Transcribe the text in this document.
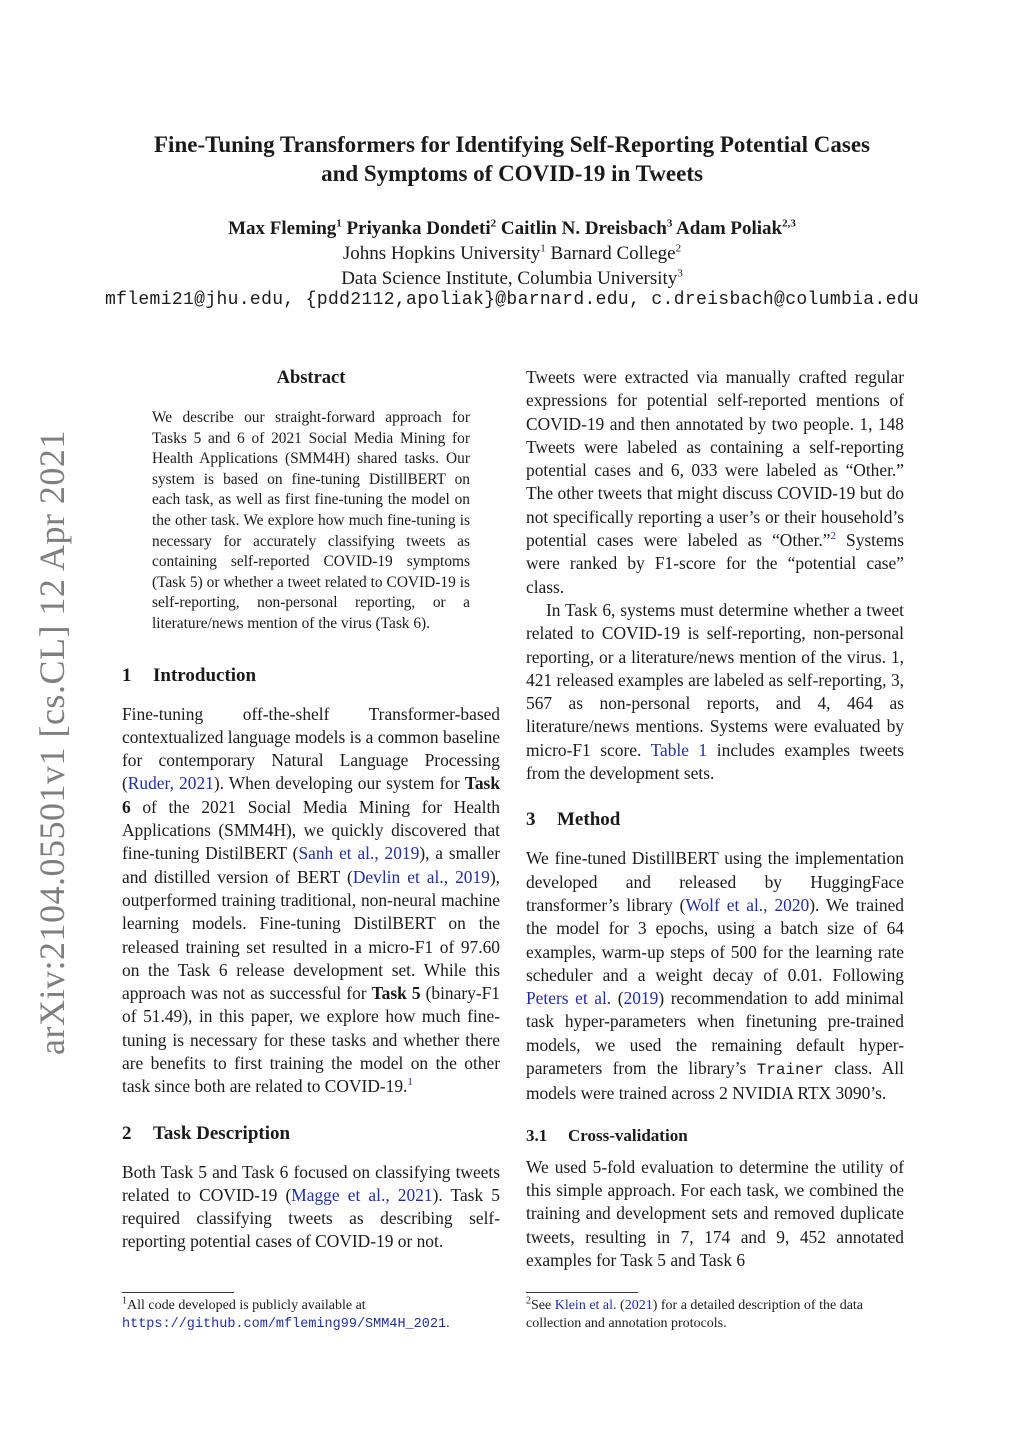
Fine-Tuning Transformers for Identifying Self-Reporting Potential Cases
and Symptoms of COVID-19 in Tweets
Max Fleming$^1$ Priyanka Dondeti$^2$ Caitlin N. Dreisbach$^3$ Adam Poliak$^{2,3}$
Johns Hopkins University$^1$ Barnard College$^2$
Data Science Institute, Columbia University$^3$
mflemi21@jhu.edu, {pdd2112,apoliak}@barnard.edu, c.dreisbach@columbia.edu
arXiv:2104.05501v1 [cs.CL] 12 Apr 2021
Abstract

We describe our straight-forward approach for Tasks 5 and 6 of 2021 Social Media Mining for Health Applications (SMM4H) shared tasks. Our system is based on fine-tuning DistillBERT on each task, as well as first fine-tuning the model on the other task. We explore how much fine-tuning is necessary for accurately classifying tweets as containing self-reported COVID-19 symptoms (Task 5) or whether a tweet related to COVID-19 is self-reporting, non-personal reporting, or a literature/news mention of the virus (Task 6).

1 Introduction

Fine-tuning off-the-shelf Transformer-based contextualized language models is a common baseline for contemporary Natural Language Processing (Ruder, 2021). When developing our system for Task 6 of the 2021 Social Media Mining for Health Applications (SMM4H), we quickly discovered that fine-tuning DistilBERT (Sanh et al., 2019), a smaller and distilled version of BERT (Devlin et al., 2019), outperformed training traditional, non-neural machine learning models. Fine-tuning DistilBERT on the released training set resulted in a micro-F1 of 97.60 on the Task 6 release development set. While this approach was not as successful for Task 5 (binary-F1 of 51.49), in this paper, we explore how much fine-tuning is necessary for these tasks and whether there are benefits to first training the model on the other task since both are related to COVID-19.$^1$

2 Task Description

Both Task 5 and Task 6 focused on classifying tweets related to COVID-19 (Magge et al., 2021). Task 5 required classifying tweets as describing self-reporting potential cases of COVID-19 or not.

$^1$All code developed is publicly available at https://github.com/mfleming99/SMM4H_2021.

Tweets were extracted via manually crafted regular expressions for potential self-reported mentions of COVID-19 and then annotated by two people. 1, 148 Tweets were labeled as containing a self-reporting potential cases and 6, 033 were labeled as “Other.” The other tweets that might discuss COVID-19 but do not specifically reporting a user’s or their household’s potential cases were labeled as “Other.”$^2$ Systems were ranked by F1-score for the “potential case” class.

In Task 6, systems must determine whether a tweet related to COVID-19 is self-reporting, non-personal reporting, or a literature/news mention of the virus. 1, 421 released examples are labeled as self-reporting, 3, 567 as non-personal reports, and 4, 464 as literature/news mentions. Systems were evaluated by micro-F1 score. Table 1 includes examples tweets from the development sets.

3 Method

We fine-tuned DistillBERT using the implementation developed and released by HuggingFace transformer’s library (Wolf et al., 2020). We trained the model for 3 epochs, using a batch size of 64 examples, warm-up steps of 500 for the learning rate scheduler and a weight decay of 0.01. Following Peters et al. (2019) recommendation to add minimal task hyper-parameters when finetuning pre-trained models, we used the remaining default hyper-parameters from the library’s Trainer class. All models were trained across 2 NVIDIA RTX 3090’s.

3.1 Cross-validation

We used 5-fold evaluation to determine the utility of this simple approach. For each task, we combined the training and development sets and removed duplicate tweets, resulting in 7, 174 and 9, 452 annotated examples for Task 5 and Task 6

$^2$See Klein et al. (2021) for a detailed description of the data collection and annotation protocols.
